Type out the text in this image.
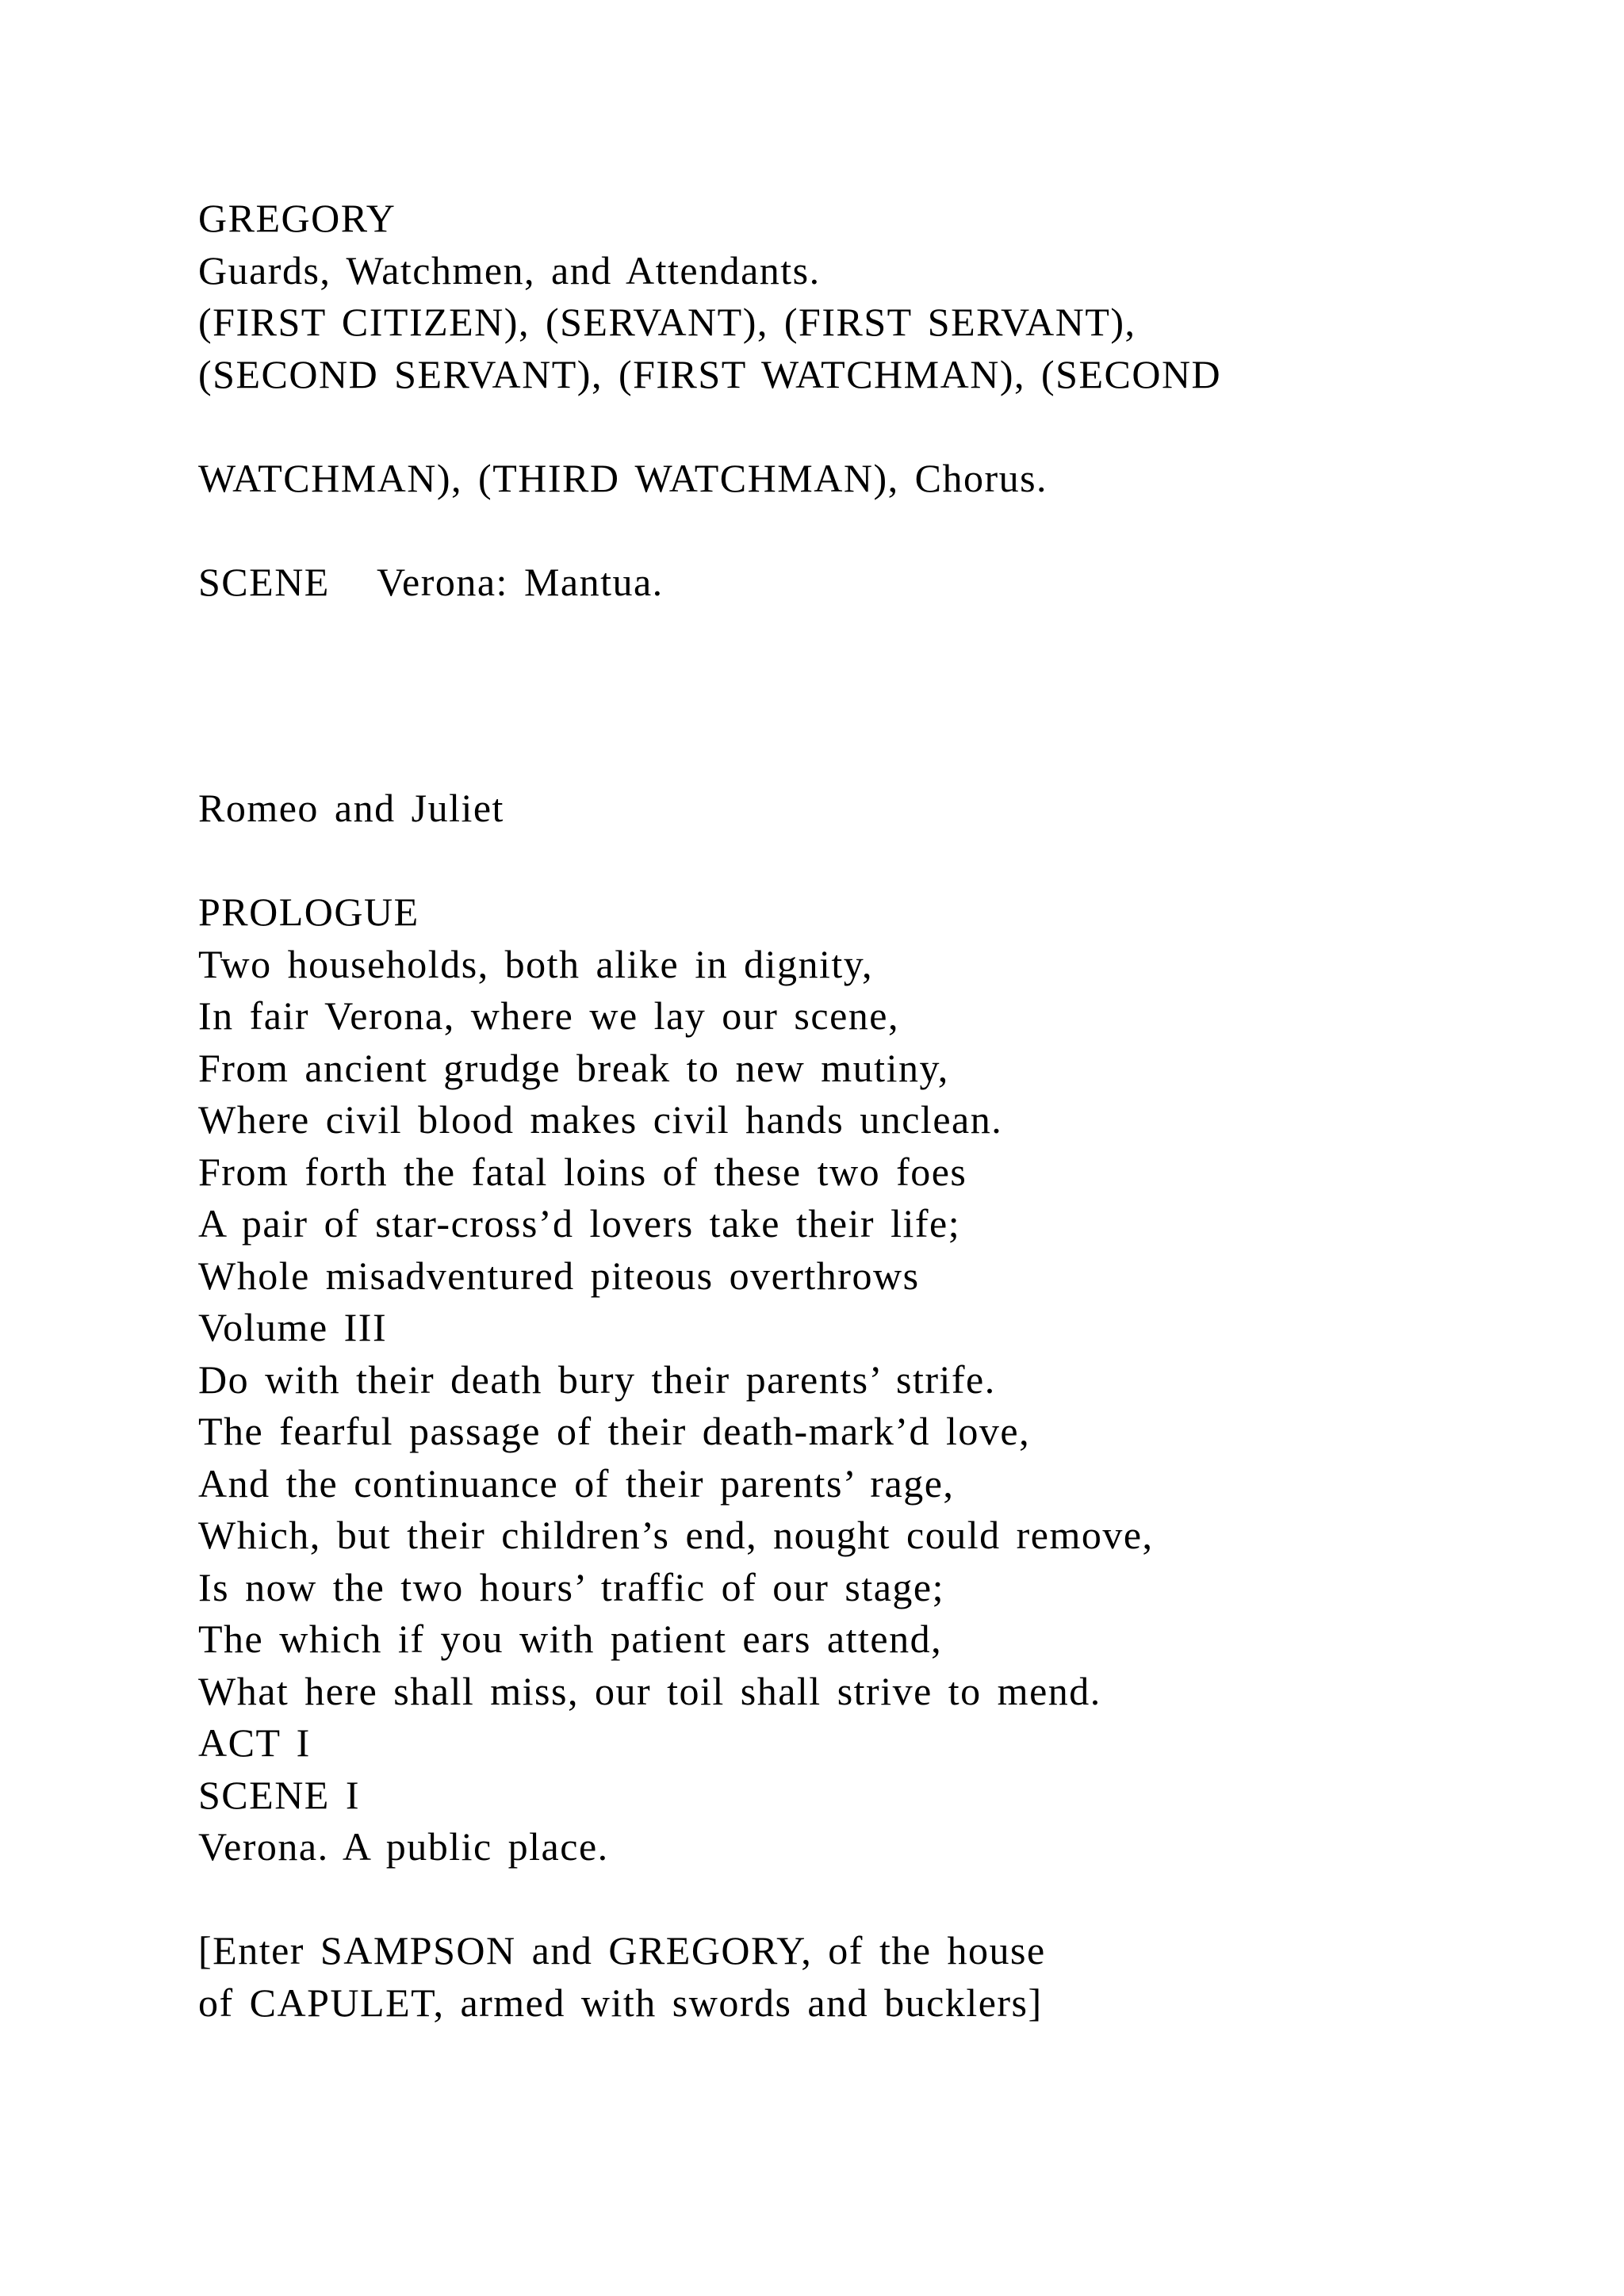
GREGORY
Guards, Watchmen, and Attendants.
(FIRST CITIZEN), (SERVANT), (FIRST SERVANT),
(SECOND SERVANT), (FIRST WATCHMAN), (SECOND
WATCHMAN), (THIRD WATCHMAN), Chorus.
SCENE   Verona: Mantua.
Romeo and Juliet
PROLOGUE
Two households, both alike in dignity,
In fair Verona, where we lay our scene,
From ancient grudge break to new mutiny,
Where civil blood makes civil hands unclean.
From forth the fatal loins of these two foes
A pair of star-cross’d lovers take their life;
Whole misadventured piteous overthrows
Volume III
Do with their death bury their parents’ strife.
The fearful passage of their death-mark’d love,
And the continuance of their parents’ rage,
Which, but their children’s end, nought could remove,
Is now the two hours’ traffic of our stage;
The which if you with patient ears attend,
What here shall miss, our toil shall strive to mend.
ACT I
SCENE I
Verona. A public place.
[Enter SAMPSON and GREGORY, of the house
of CAPULET, armed with swords and bucklers]
